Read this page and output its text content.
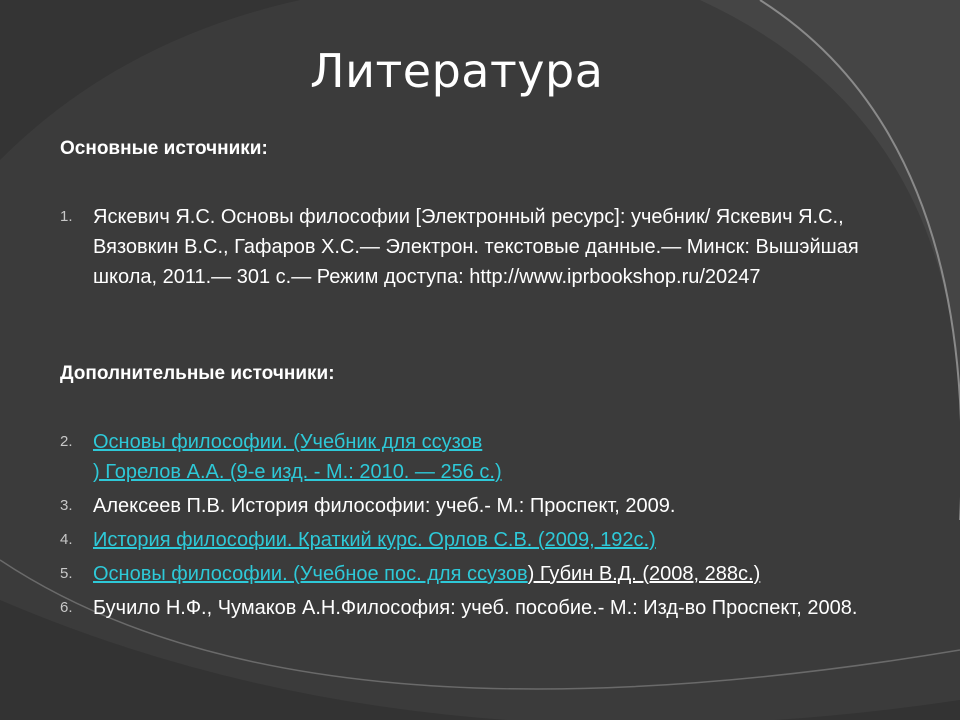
Литература
Основные источники:
1.	Яскевич Я.С. Основы философии [Электронный ресурс]: учебник/ Яскевич Я.С., Вязовкин В.С., Гафаров Х.С.— Электрон. текстовые данные.— Минск: Вышэйшая школа, 2011.— 301 с.— Режим доступа: http://www.iprbookshop.ru/20247
Дополнительные источники:
2.	Основы философии. (Учебник для ссузов
) Горелов А.А. (9-е изд. - М.: 2010. — 256 с.)
3.	Алексеев П.В. История философии: учеб.- М.: Проспект, 2009.
4.	История философии. Краткий курс. Орлов С.В. (2009, 192с.)
5.	Основы философии. (Учебное пос. для ссузов) Губин В.Д. (2008, 288с.)
6.	Бучило Н.Ф., Чумаков А.Н.Философия: учеб. пособие.- М.: Изд-во Проспект, 2008.
